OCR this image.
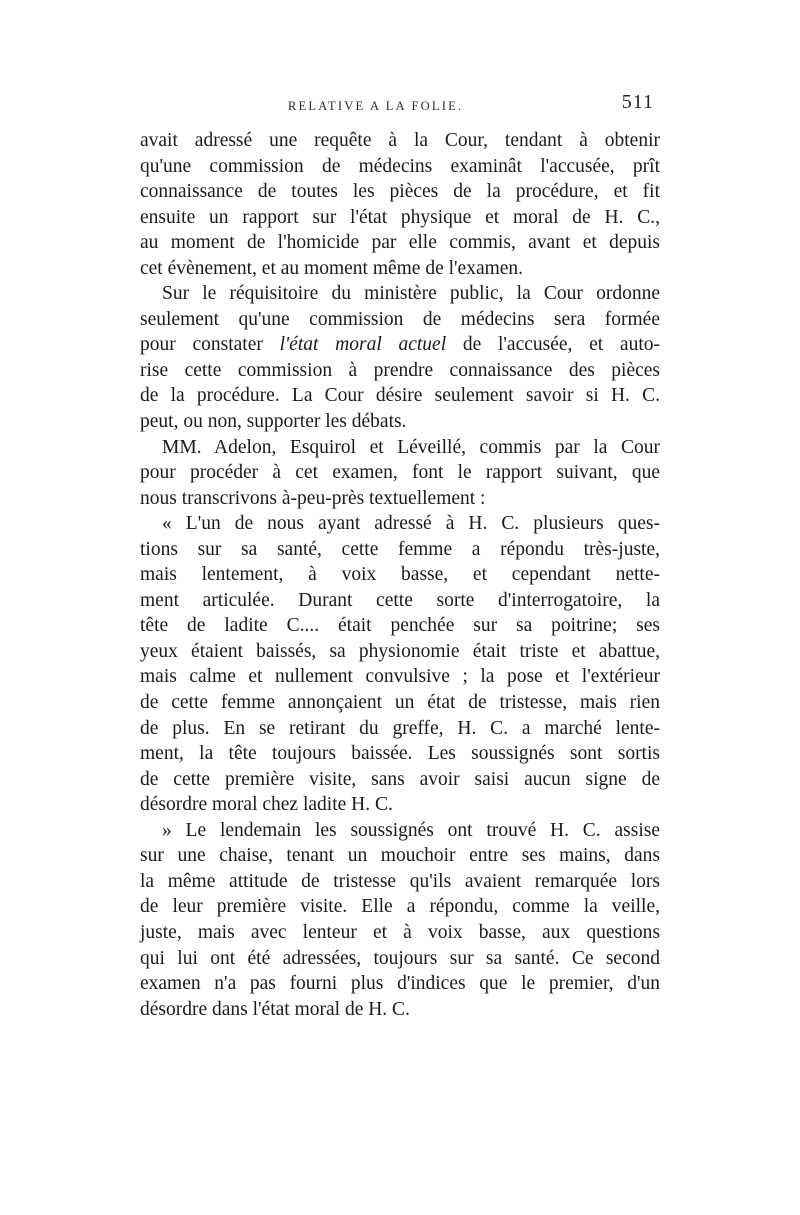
RELATIVE A LA FOLIE.	511
avait adressé une requête à la Cour, tendant à obtenir
qu'une commission de médecins examinât l'accusée, prît
connaissance de toutes les pièces de la procédure, et fit
ensuite un rapport sur l'état physique et moral de H. C.,
au moment de l'homicide par elle commis, avant et depuis
cet évènement, et au moment même de l'examen.
Sur le réquisitoire du ministère public, la Cour ordonne
seulement qu'une commission de médecins sera formée
pour constater l'état moral actuel de l'accusée, et auto-
rise cette commission à prendre connaissance des pièces
de la procédure. La Cour désire seulement savoir si H. C.
peut, ou non, supporter les débats.
MM. Adelon, Esquirol et Léveillé, commis par la Cour
pour procéder à cet examen, font le rapport suivant, que
nous transcrivons à-peu-près textuellement :
« L'un de nous ayant adressé à H. C. plusieurs ques-
tions sur sa santé, cette femme a répondu très-juste,
mais lentement, à voix basse, et cependant nette-
ment articulée. Durant cette sorte d'interrogatoire, la
tête de ladite C.... était penchée sur sa poitrine; ses
yeux étaient baissés, sa physionomie était triste et abattue,
mais calme et nullement convulsive ; la pose et l'extérieur
de cette femme annonçaient un état de tristesse, mais rien
de plus. En se retirant du greffe, H. C. a marché lente-
ment, la tête toujours baissée. Les soussignés sont sortis
de cette première visite, sans avoir saisi aucun signe de
désordre moral chez ladite H. C.
» Le lendemain les soussignés ont trouvé H. C. assise
sur une chaise, tenant un mouchoir entre ses mains, dans
la même attitude de tristesse qu'ils avaient remarquée lors
de leur première visite. Elle a répondu, comme la veille,
juste, mais avec lenteur et à voix basse, aux questions
qui lui ont été adressées, toujours sur sa santé. Ce second
examen n'a pas fourni plus d'indices que le premier, d'un
désordre dans l'état moral de H. C.
